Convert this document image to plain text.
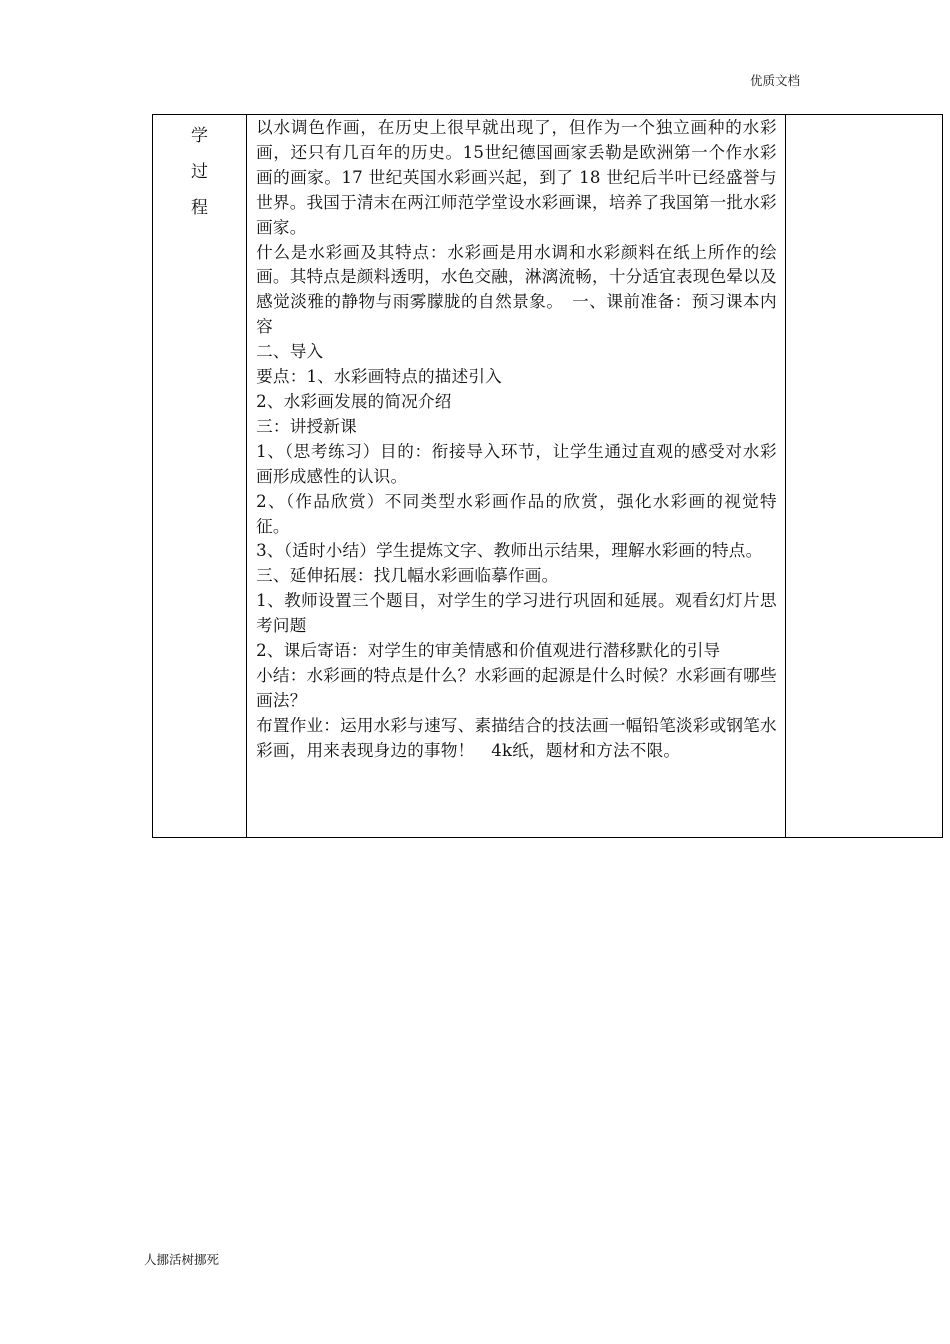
优质文档
学
过
程

以水调色作画，在历史上很早就出现了，但作为一个独立画种的水彩画，还只有几百年的历史。15世纪德国画家丢勒是欧洲第一个作水彩画的画家。17 世纪英国水彩画兴起，到了 18 世纪后半叶已经盛誉与世界。我国于清末在两江师范学堂设水彩画课，培养了我国第一批水彩画家。

什么是水彩画及其特点：水彩画是用水调和水彩颜料在纸上所作的绘画。其特点是颜料透明，水色交融，淋漓流畅，十分适宜表现色晕以及感觉淡雅的静物与雨雾朦胧的自然景象。　一、课前准备：预习课本内容

二、导入

要点：1、水彩画特点的描述引入

2、水彩画发展的简况介绍

三：讲授新课

1、（思考练习）目的：衔接导入环节，让学生通过直观的感受对水彩画形成感性的认识。

2、（作品欣赏）不同类型水彩画作品的欣赏，强化水彩画的视觉特征。

3、（适时小结）学生提炼文字、教师出示结果，理解水彩画的特点。

三、延伸拓展：找几幅水彩画临摹作画。

1、教师设置三个题目，对学生的学习进行巩固和延展。观看幻灯片思考问题

2、课后寄语：对学生的审美情感和价值观进行潜移默化的引导

小结：水彩画的特点是什么？水彩画的起源是什么时候？水彩画有哪些画法？

布置作业：运用水彩与速写、素描结合的技法画一幅铅笔淡彩或钢笔水彩画，用来表现身边的事物！　4k纸，题材和方法不限。

人挪活树挪死
